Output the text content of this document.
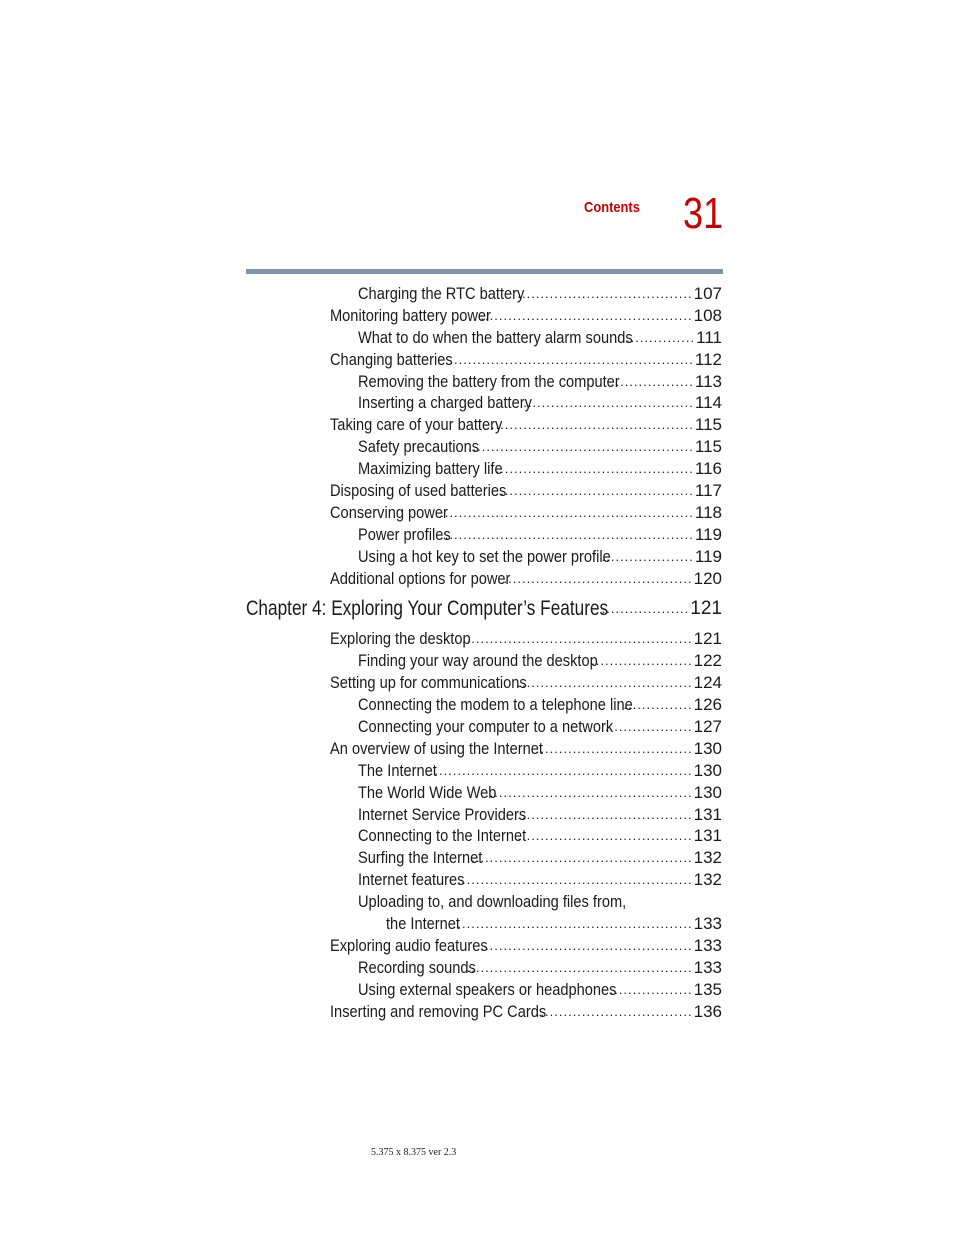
Contents 31
Charging the RTC battery	107
......................................
Monitoring battery power	108
..............................................
What to do when the battery alarm sounds	111
...............
Changing batteries	112
......................................................
Removing the battery from the computer	113
..................
Inserting a charged battery	114
.....................................
Taking care of your battery	115
............................................
Safety precautions	115
.................................................
Maximizing battery life	116
...........................................
Disposing of used batteries	117
...........................................
Conserving power	118
.......................................................
Power profiles	119
.......................................................
Using a hot key to set the power profile	119
....................
Additional options for power	120
.........................................
Chapter 4: Exploring Your Computer’s Features	121
...................
Exploring the desktop	121
..................................................
Finding your way around the desktop	122
......................
Setting up for communications	124
......................................
Connecting the modem to a telephone line	126
...............
Connecting your computer to a network	127
...................
An overview of using the Internet	130
..................................
The Internet	130
.........................................................
The World Wide Web	130
.............................................
Internet Service Providers	131
......................................
Connecting to the Internet	131
......................................
Surfing the Internet	132
................................................
Internet features	132
...................................................
Uploading to, and downloading files from,
the Internet	133
....................................................
Exploring audio features	133
..............................................
Recording sounds	133
.................................................
Using external speakers or headphones	135
..................
Inserting and removing PC Cards	136
..................................
5.375 x 8.375 ver 2.3
